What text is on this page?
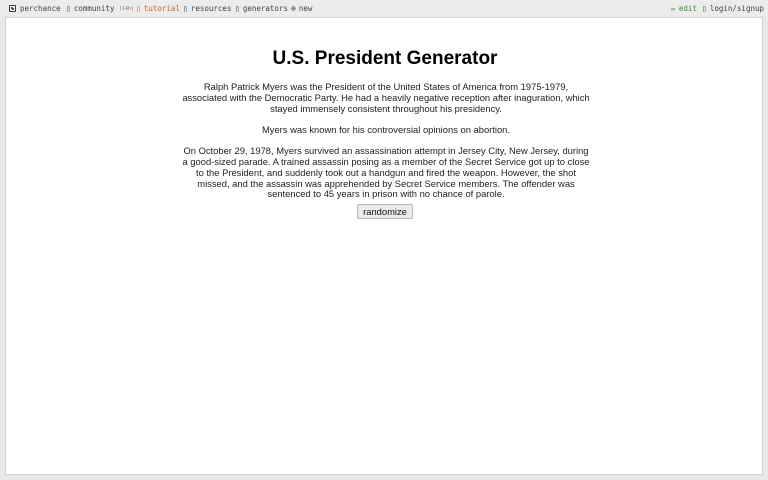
perchance ▯ community (14h) ▯ tutorial ▯ resources ▯ generators ⊕ new	✏ edit ▯ login/signup
U.S. President Generator

Ralph Patrick Myers was the President of the United States of America from 1975-1979, associated with the Democratic Party. He had a heavily negative reception after inaguration, which stayed immensely consistent throughout his presidency.

Myers was known for his controversial opinions on abortion.

On October 29, 1978, Myers survived an assassination attempt in Jersey City, New Jersey, during a good-sized parade. A trained assassin posing as a member of the Secret Service got up to close to the President, and suddenly took out a handgun and fired the weapon. However, the shot missed, and the assassin was apprehended by Secret Service members. The offender was sentenced to 45 years in prison with no chance of parole.

randomize
